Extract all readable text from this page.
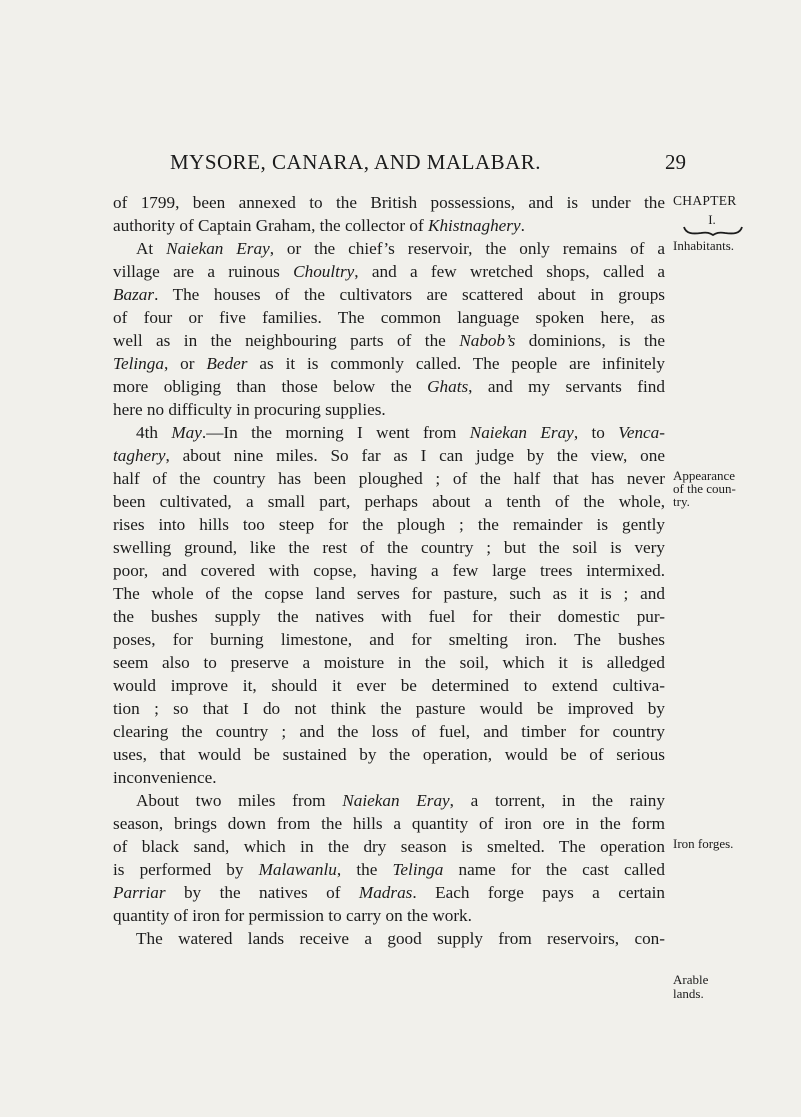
MYSORE, CANARA, AND MALABAR.	29
of 1799, been annexed to the British possessions, and is under the
authority of Captain Graham, the collector of Khistnaghery.
At Naiekan Eray, or the chief’s reservoir, the only remains of a
village are a ruinous Choultry, and a few wretched shops, called a
Bazar. The houses of the cultivators are scattered about in groups
of four or five families. The common language spoken here, as
well as in the neighbouring parts of the Nabob’s dominions, is the
Telinga, or Beder as it is commonly called. The people are infinitely
more obliging than those below the Ghats, and my servants find
here no difficulty in procuring supplies.
4th May.—In the morning I went from Naiekan Eray, to Venca-
taghery, about nine miles. So far as I can judge by the view, one
half of the country has been ploughed ; of the half that has never
been cultivated, a small part, perhaps about a tenth of the whole,
rises into hills too steep for the plough ; the remainder is gently
swelling ground, like the rest of the country ; but the soil is very
poor, and covered with copse, having a few large trees intermixed.
The whole of the copse land serves for pasture, such as it is ; and
the bushes supply the natives with fuel for their domestic pur-
poses, for burning limestone, and for smelting iron. The bushes
seem also to preserve a moisture in the soil, which it is alledged
would improve it, should it ever be determined to extend cultiva-
tion ; so that I do not think the pasture would be improved by
clearing the country ; and the loss of fuel, and timber for country
uses, that would be sustained by the operation, would be of serious
inconvenience.
About two miles from Naiekan Eray, a torrent, in the rainy
season, brings down from the hills a quantity of iron ore in the form
of black sand, which in the dry season is smelted. The operation
is performed by Malawanlu, the Telinga name for the cast called
Parriar by the natives of Madras. Each forge pays a certain
quantity of iron for permission to carry on the work.
The watered lands receive a good supply from reservoirs, con-
CHAPTER
I.
Inhabitants.
Appearance
of the coun-
try.
Iron forges.
Arable
lands.
